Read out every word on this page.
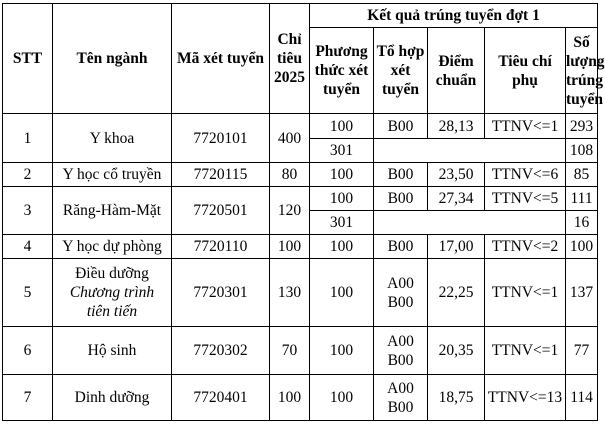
STT	Tên ngành	Mã xét tuyển	Chỉ
tiêu
2025	Kết quả trúng tuyển đợt 1				

				Phương
thức xét
tuyển	Tổ hợp
xét
tuyển	Điểm
chuẩn	Tiêu chí phụ	Số
lượng
trúng
tuyển

1	Y khoa	7720101	400	100	B00	28,13	TTNV<=1	293
				301				108
2	Y học cổ truyền	7720115	80	100	B00	23,50	TTNV<=6	85
3	Răng-Hàm-Mặt	7720501	120	100	B00	27,34	TTNV<=5	111
				301				16
4	Y học dự phòng	7720110	100	100	B00	17,00	TTNV<=2	100
5	Điều dưỡng
Chương trình
tiên tiến	7720301	130	100	A00
B00	22,25	TTNV<=1	137
6	Hộ sinh	7720302	70	100	A00
B00	20,35	TTNV<=1	77
7	Dinh dưỡng	7720401	100	100	A00
B00	18,75	TTNV<=13	114
